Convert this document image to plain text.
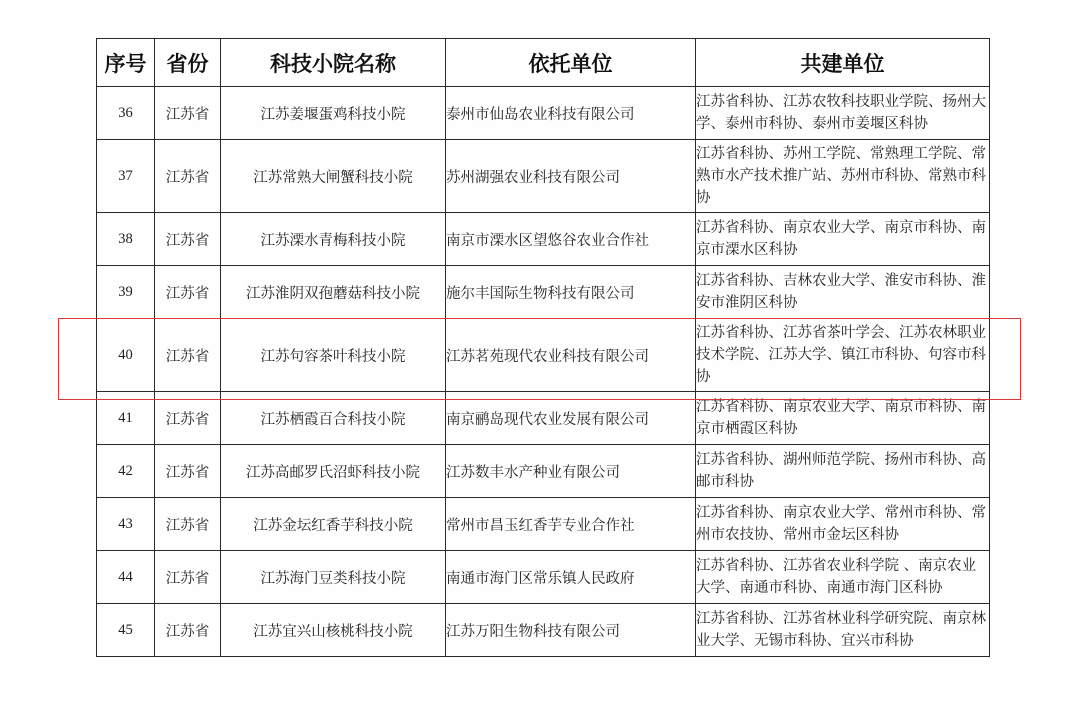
序号	省份	科技小院名称	依托单位	共建单位
36	江苏省	江苏姜堰蛋鸡科技小院	泰州市仙岛农业科技有限公司	江苏省科协、江苏农牧科技职业学院、扬州大学、泰州市科协、泰州市姜堰区科协
37	江苏省	江苏常熟大闸蟹科技小院	苏州湖强农业科技有限公司	江苏省科协、苏州工学院、常熟理工学院、常熟市水产技术推广站、苏州市科协、常熟市科协
38	江苏省	江苏溧水青梅科技小院	南京市溧水区望悠谷农业合作社	江苏省科协、南京农业大学、南京市科协、南京市溧水区科协
39	江苏省	江苏淮阴双孢蘑菇科技小院	施尔丰国际生物科技有限公司	江苏省科协、吉林农业大学、淮安市科协、淮安市淮阴区科协
40	江苏省	江苏句容茶叶科技小院	江苏茗苑现代农业科技有限公司	江苏省科协、江苏省茶叶学会、江苏农林职业技术学院、江苏大学、镇江市科协、句容市科协
41	江苏省	江苏栖霞百合科技小院	南京鹂岛现代农业发展有限公司	江苏省科协、南京农业大学、南京市科协、南京市栖霞区科协
42	江苏省	江苏高邮罗氏沼虾科技小院	江苏数丰水产种业有限公司	江苏省科协、湖州师范学院、扬州市科协、高邮市科协
43	江苏省	江苏金坛红香芋科技小院	常州市昌玉红香芋专业合作社	江苏省科协、南京农业大学、常州市科协、常州市农技协、常州市金坛区科协
44	江苏省	江苏海门豆类科技小院	南通市海门区常乐镇人民政府	江苏省科协、江苏省农业科学院 、南京农业大学、南通市科协、南通市海门区科协
45	江苏省	江苏宜兴山核桃科技小院	江苏万阳生物科技有限公司	江苏省科协、江苏省林业科学研究院、南京林业大学、无锡市科协、宜兴市科协
